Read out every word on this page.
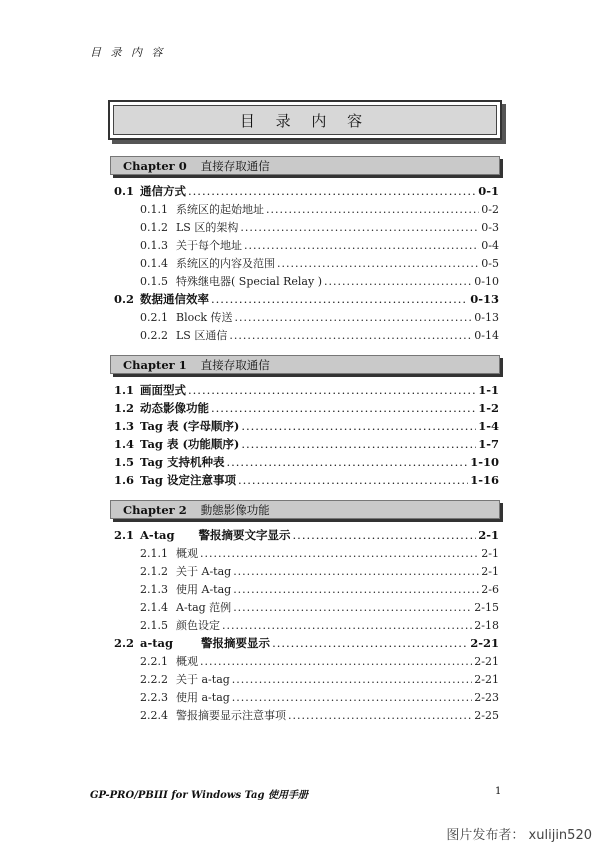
目 录 内 容
目 录 内 容
Chapter 0 直接存取通信
0.1 通信方式 .....	0-1
0.1.1 系统区的起始地址 .....	0-2
0.1.2 LS 区的架构 .....	0-3
0.1.3 关于每个地址 .....	0-4
0.1.4 系统区的内容及范围 .....	0-5
0.1.5 特殊继电器( Special Relay ) .....	0-10
0.2 数据通信效率 .....	0-13
0.2.1 Block 传送 .....	0-13
0.2.2 LS 区通信 .....	0-14
Chapter 1 直接存取通信
1.1 画面型式 .....	1-1
1.2 动态影像功能 .....	1-2
1.3 Tag 表 (字母顺序) .....	1-4
1.4 Tag 表 (功能顺序) .....	1-7
1.5 Tag 支持机种表 .....	1-10
1.6 Tag 设定注意事项 .....	1-16
Chapter 2 動態影像功能
2.1 A-tag      警报摘要文字显示 .....	2-1
2.1.1 概观 .....	2-1
2.1.2 关于 A-tag .....	2-1
2.1.3 使用 A-tag .....	2-6
2.1.4 A-tag 范例 .....	2-15
2.1.5 颜色设定 .....	2-18
2.2 a-tag       警报摘要显示 .....	2-21
2.2.1 概观 .....	2-21
2.2.2 关于 a-tag .....	2-21
2.2.3 使用 a-tag .....	2-23
2.2.4 警报摘要显示注意事项 .....	2-25
GP-PRO/PBIII for Windows Tag 使用手册	1
图片发布者： xulijin520
